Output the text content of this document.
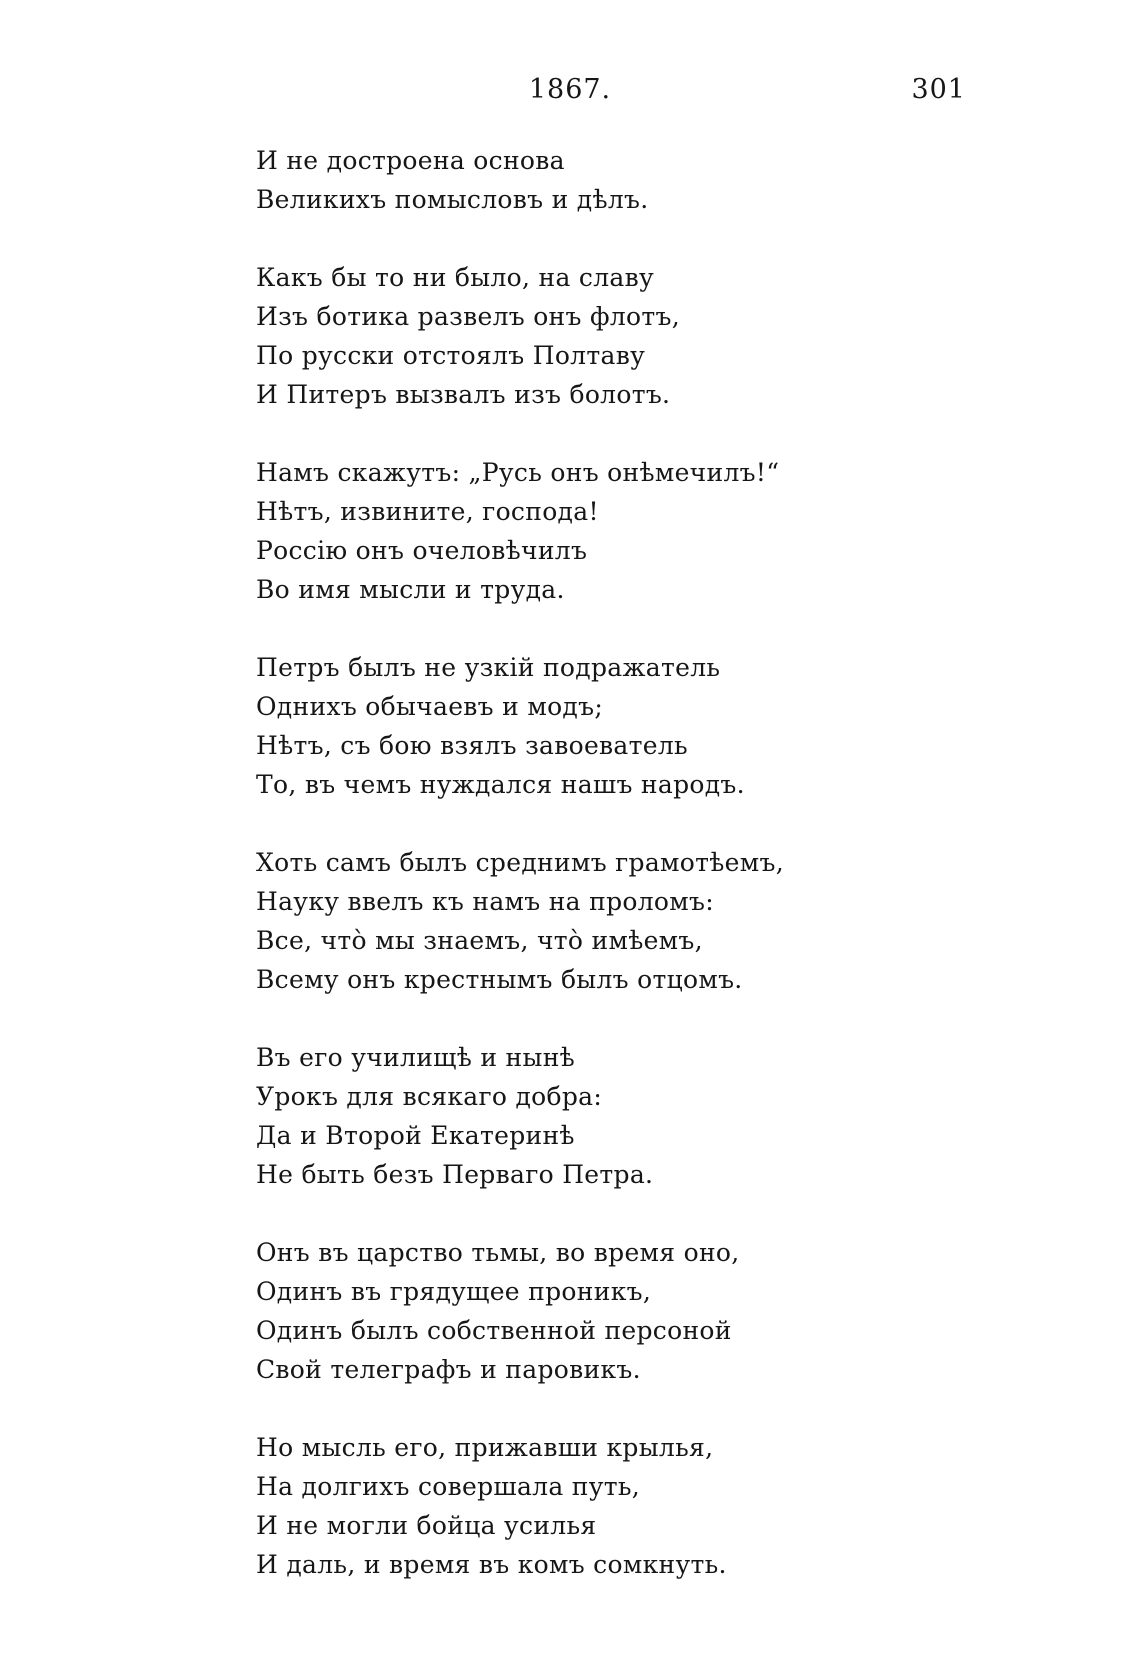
1867.	301
И не достроена основа
Великихъ помысловъ и дѣлъ.
Какъ бы то ни было, на славу
Изъ ботика развелъ онъ флотъ,
По русски отстоялъ Полтаву
И Питеръ вызвалъ изъ болотъ.
Намъ скажутъ: „Русь онъ онѣмечилъ!“
Нѣтъ, извините, господа!
Россію онъ очеловѣчилъ
Во имя мысли и труда.
Петръ былъ не узкій подражатель
Однихъ обычаевъ и модъ;
Нѣтъ, съ бою взялъ завоеватель
То, въ чемъ нуждался нашъ народъ.
Хоть самъ былъ среднимъ грамотѣемъ,
Науку ввелъ къ намъ на проломъ:
Все, что̀ мы знаемъ, что̀ имѣемъ,
Всему онъ крестнымъ былъ отцомъ.
Въ его училищѣ и нынѣ
Урокъ для всякаго добра:
Да и Второй Екатеринѣ
Не быть безъ Перваго Петра.
Онъ въ царство тьмы, во время оно,
Одинъ въ грядущее проникъ,
Одинъ былъ собственной персоной
Свой телеграфъ и паровикъ.
Но мысль его, прижавши крылья,
На долгихъ совершала путь,
И не могли бойца усилья
И даль, и время въ комъ сомкнуть.
